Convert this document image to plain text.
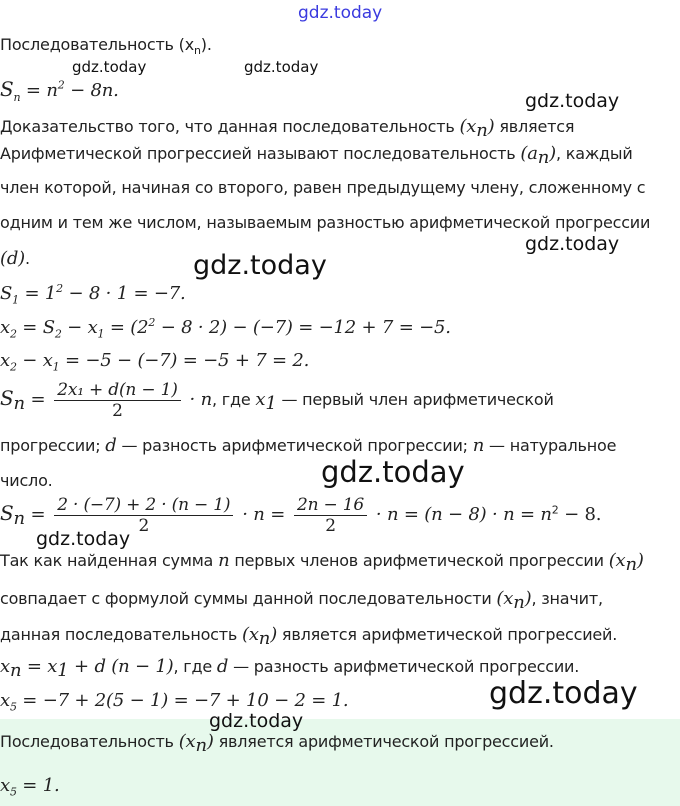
gdz.today
gdz.today	gdz.today
gdz.today
gdz.today
gdz.today
gdz.today
gdz.today
gdz.today
Последовательность $(x_n)$.
$S_n = n^2 - 8n$.
Доказательство того, что данная последовательность $(x_n)$ является
Арифметической прогрессией называют последовательность $(a_n)$, каждый
член которой, начиная со второго, равен предыдущему члену, сложенному с
одним и тем же числом, называемым разностью арифметической прогрессии
(d).
$S_1 = 1^2 - 8 \cdot 1 = -7$.
$x_2 = S_2 - x_1 = (2^2 - 8 \cdot 2) - (-7) = -12 + 7 = -5$.
$x_2 - x_1 = -5 - (-7) = -5 + 7 = 2$.
$S_n = \frac{\text{2x₁ + d(n − 1)}}{2} \cdot n$, где $x_1$ — первый член арифметической
прогрессии; d — разность арифметической прогрессии; n — натуральное
число.
$S_n = \frac{2 \cdot (-7) + 2 \cdot (n - 1)}{2} \cdot n = \frac{2n - 16}{2} \cdot n = (n - 8) \cdot n = n^2 - 8$.
Так как найденная сумма n первых членов арифметической прогрессии $(x_n)$
совпадает с формулой суммы данной последовательности $(x_n)$, значит,
данная последовательность $(x_n)$ является арифметической прогрессией.
$x_n = x_1 + d$ (n − 1), где d — разность арифметической прогрессии.
$x_5 = -7 + 2(5 - 1) = -7 + 10 - 2 = 1$.
Последовательность $(x_n)$ является арифметической прогрессией.
$x_5 = 1$.
gdz.today
